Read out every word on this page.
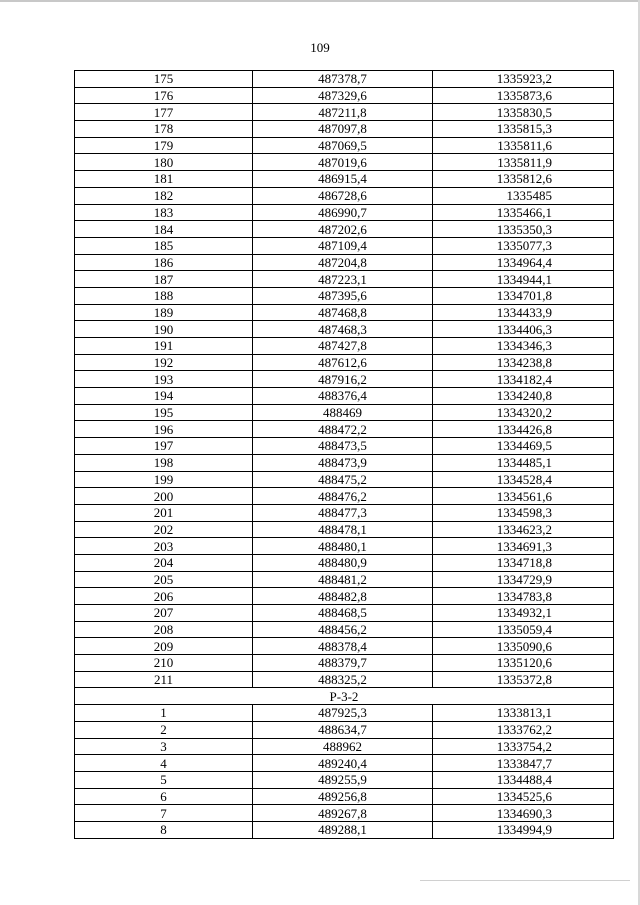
109
175	487378,7	1335923,2
176	487329,6	1335873,6
177	487211,8	1335830,5
178	487097,8	1335815,3
179	487069,5	1335811,6
180	487019,6	1335811,9
181	486915,4	1335812,6
182	486728,6	1335485
183	486990,7	1335466,1
184	487202,6	1335350,3
185	487109,4	1335077,3
186	487204,8	1334964,4
187	487223,1	1334944,1
188	487395,6	1334701,8
189	487468,8	1334433,9
190	487468,3	1334406,3
191	487427,8	1334346,3
192	487612,6	1334238,8
193	487916,2	1334182,4
194	488376,4	1334240,8
195	488469	1334320,2
196	488472,2	1334426,8
197	488473,5	1334469,5
198	488473,9	1334485,1
199	488475,2	1334528,4
200	488476,2	1334561,6
201	488477,3	1334598,3
202	488478,1	1334623,2
203	488480,1	1334691,3
204	488480,9	1334718,8
205	488481,2	1334729,9
206	488482,8	1334783,8
207	488468,5	1334932,1
208	488456,2	1335059,4
209	488378,4	1335090,6
210	488379,7	1335120,6
211	488325,2	1335372,8
Р-3-2		
1	487925,3	1333813,1
2	488634,7	1333762,2
3	488962	1333754,2
4	489240,4	1333847,7
5	489255,9	1334488,4
6	489256,8	1334525,6
7	489267,8	1334690,3
8	489288,1	1334994,9
